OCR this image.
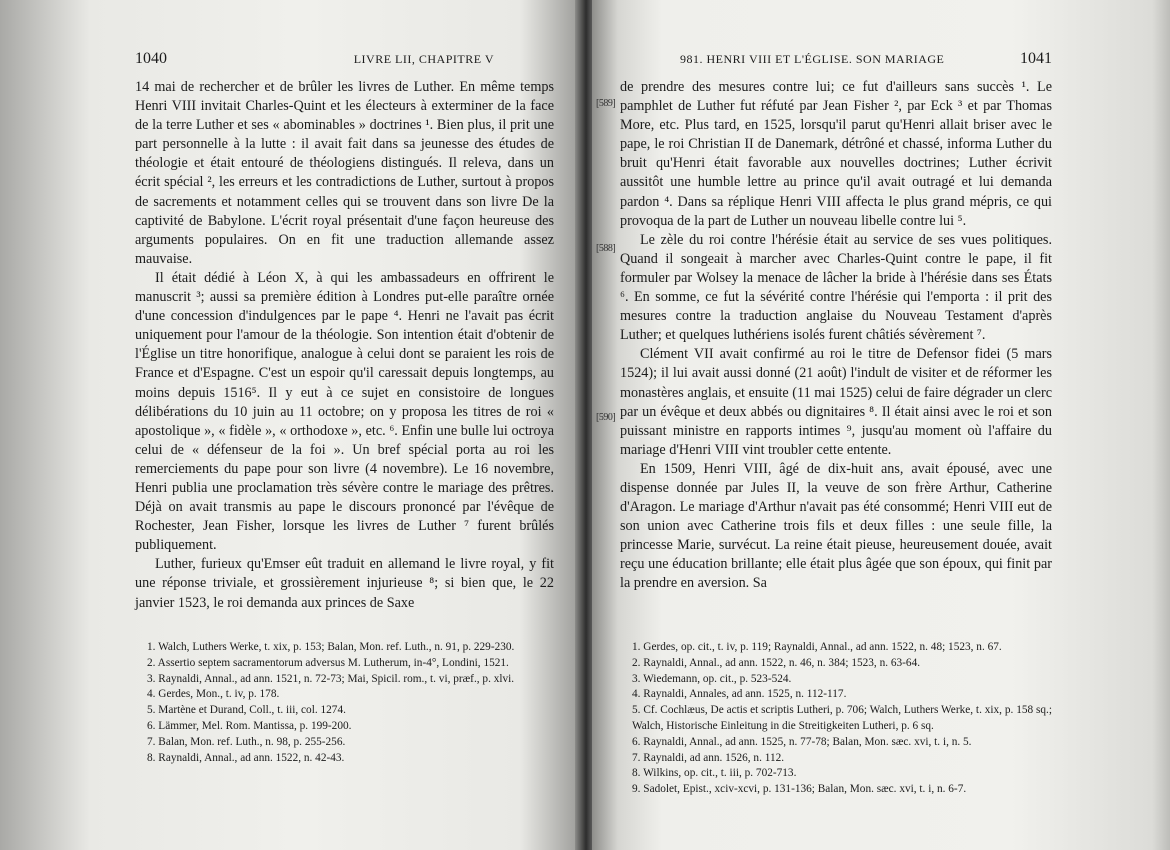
1040	LIVRE LII, CHAPITRE V

14 mai de rechercher et de brûler les livres de Luther. En même temps Henri VIII invitait Charles-Quint et les électeurs à exterminer de la face de la terre Luther et ses « abominables » doctrines ¹. Bien plus, il prit une part personnelle à la lutte : il avait fait dans sa jeunesse des études de théologie et était entouré de théologiens distingués. Il releva, dans un écrit spécial ², les erreurs et les contradictions de Luther, surtout à propos de sacrements et notamment celles qui se trouvent dans son livre De la captivité de Babylone. L'écrit royal présentait d'une façon heureuse des arguments populaires. On en fit une traduction allemande assez mauvaise.

Il était dédié à Léon X, à qui les ambassadeurs en offrirent le manuscrit ³; aussi sa première édition à Londres put-elle paraître ornée d'une concession d'indulgences par le pape ⁴. Henri ne l'avait pas écrit uniquement pour l'amour de la théologie. Son intention était d'obtenir de l'Église un titre honorifique, analogue à celui dont se paraient les rois de France et d'Espagne. C'est un espoir qu'il caressait depuis longtemps, au moins depuis 1516⁵. Il y eut à ce sujet en consistoire de longues délibérations du 10 juin au 11 octobre; on y proposa les titres de roi « apostolique », « fidèle », « orthodoxe », etc. ⁶. Enfin une bulle lui octroya celui de « défenseur de la foi ». Un bref spécial porta au roi les remerciements du pape pour son livre (4 novembre). Le 16 novembre, Henri publia une proclamation très sévère contre le mariage des prêtres. Déjà on avait transmis au pape le discours prononcé par l'évêque de Rochester, Jean Fisher, lorsque les livres de Luther ⁷ furent brûlés publiquement.

Luther, furieux qu'Emser eût traduit en allemand le livre royal, y fit une réponse triviale, et grossièrement injurieuse ⁸; si bien que, le 22 janvier 1523, le roi demanda aux princes de Saxe

1. Walch, Luthers Werke, t. xix, p. 153; Balan, Mon. ref. Luth., n. 91, p. 229-230.

2. Assertio septem sacramentorum adversus M. Lutherum, in-4°, Londini, 1521.

3. Raynaldi, Annal., ad ann. 1521, n. 72-73; Mai, Spicil. rom., t. vi, præf., p. xlvi.

4. Gerdes, Mon., t. iv, p. 178.

5. Martène et Durand, Coll., t. iii, col. 1274.

6. Lämmer, Mel. Rom. Mantissa, p. 199-200.

7. Balan, Mon. ref. Luth., n. 98, p. 255-256.

8. Raynaldi, Annal., ad ann. 1522, n. 42-43.

981. HENRI VIII ET L'ÉGLISE. SON MARIAGE	1041
[589]
[588]
[590]

de prendre des mesures contre lui; ce fut d'ailleurs sans succès ¹. Le pamphlet de Luther fut réfuté par Jean Fisher ², par Eck ³ et par Thomas More, etc. Plus tard, en 1525, lorsqu'il parut qu'Henri allait briser avec le pape, le roi Christian II de Danemark, détrôné et chassé, informa Luther du bruit qu'Henri était favorable aux nouvelles doctrines; Luther écrivit aussitôt une humble lettre au prince qu'il avait outragé et lui demanda pardon ⁴. Dans sa réplique Henri VIII affecta le plus grand mépris, ce qui provoqua de la part de Luther un nouveau libelle contre lui ⁵.

Le zèle du roi contre l'hérésie était au service de ses vues politiques. Quand il songeait à marcher avec Charles-Quint contre le pape, il fit formuler par Wolsey la menace de lâcher la bride à l'hérésie dans ses États ⁶. En somme, ce fut la sévérité contre l'hérésie qui l'emporta : il prit des mesures contre la traduction anglaise du Nouveau Testament d'après Luther; et quelques luthériens isolés furent châtiés sévèrement ⁷.

Clément VII avait confirmé au roi le titre de Defensor fidei (5 mars 1524); il lui avait aussi donné (21 août) l'indult de visiter et de réformer les monastères anglais, et ensuite (11 mai 1525) celui de faire dégrader un clerc par un évêque et deux abbés ou dignitaires ⁸. Il était ainsi avec le roi et son puissant ministre en rapports intimes ⁹, jusqu'au moment où l'affaire du mariage d'Henri VIII vint troubler cette entente.

En 1509, Henri VIII, âgé de dix-huit ans, avait épousé, avec une dispense donnée par Jules II, la veuve de son frère Arthur, Catherine d'Aragon. Le mariage d'Arthur n'avait pas été consommé; Henri VIII eut de son union avec Catherine trois fils et deux filles : une seule fille, la princesse Marie, survécut. La reine était pieuse, heureusement douée, avait reçu une éducation brillante; elle était plus âgée que son époux, qui finit par la prendre en aversion. Sa

1. Gerdes, op. cit., t. iv, p. 119; Raynaldi, Annal., ad ann. 1522, n. 48; 1523, n. 67.

2. Raynaldi, Annal., ad ann. 1522, n. 46, n. 384; 1523, n. 63-64.

3. Wiedemann, op. cit., p. 523-524.

4. Raynaldi, Annales, ad ann. 1525, n. 112-117.

5. Cf. Cochlæus, De actis et scriptis Lutheri, p. 706; Walch, Luthers Werke, t. xix, p. 158 sq.; Walch, Historische Einleitung in die Streitigkeiten Lutheri, p. 6 sq.

6. Raynaldi, Annal., ad ann. 1525, n. 77-78; Balan, Mon. sæc. xvi, t. i, n. 5.

7. Raynaldi, ad ann. 1526, n. 112.

8. Wilkins, op. cit., t. iii, p. 702-713.

9. Sadolet, Epist., xciv-xcvi, p. 131-136; Balan, Mon. sæc. xvi, t. i, n. 6-7.
